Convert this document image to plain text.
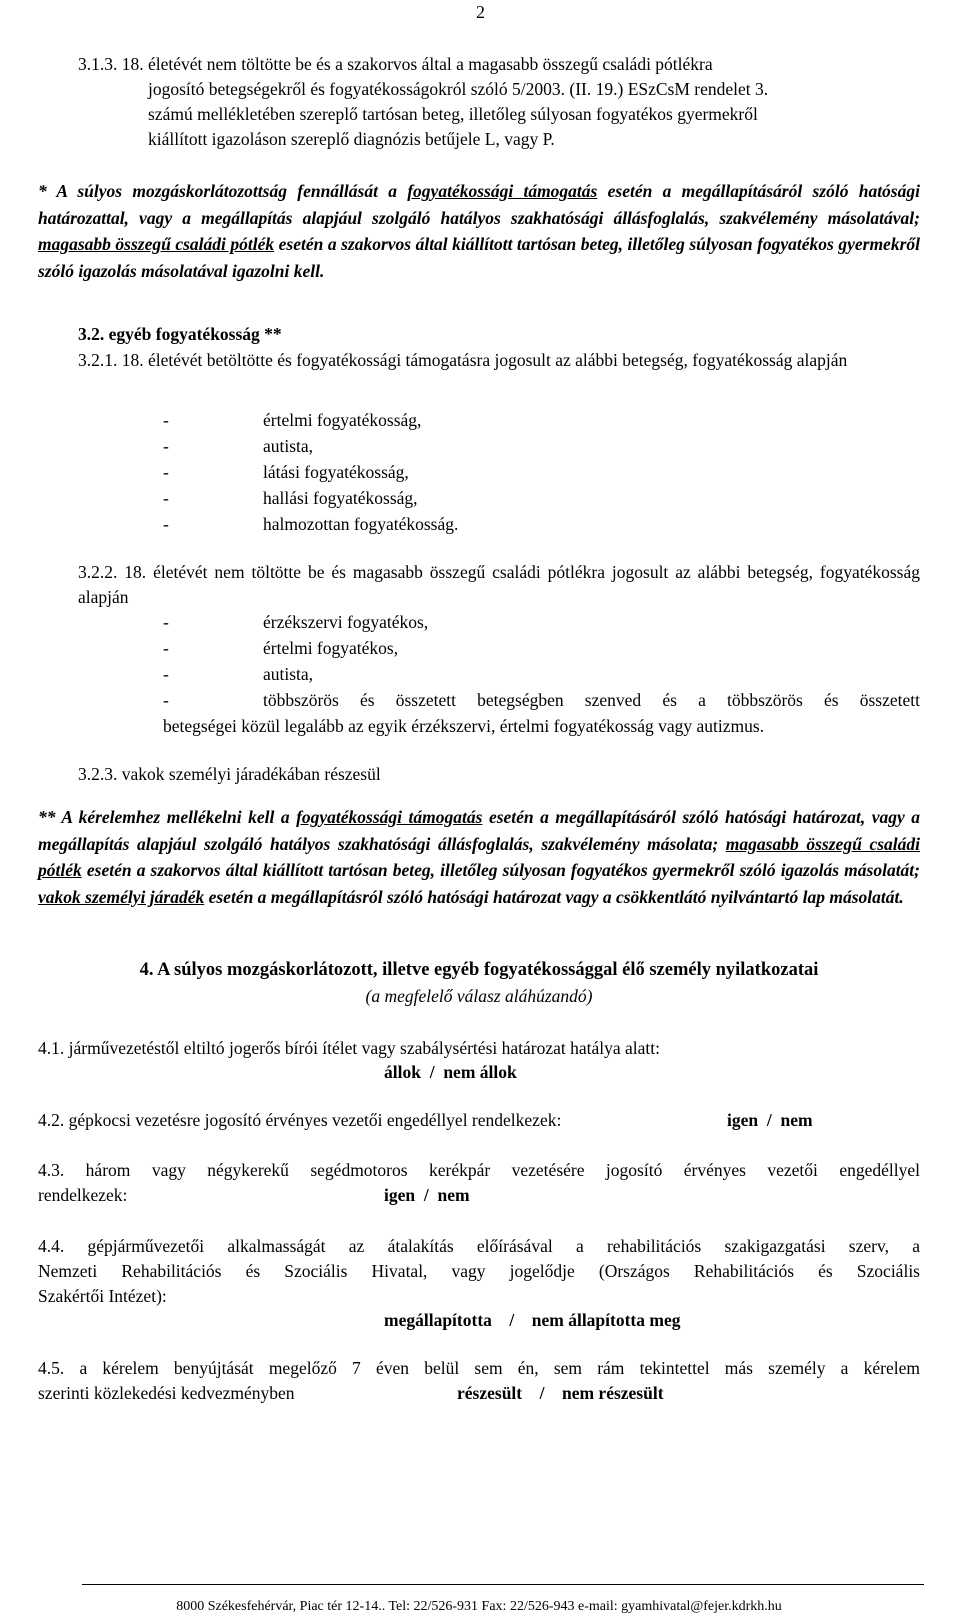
2
3.1.3. 18. életévét nem töltötte be és a szakorvos által a magasabb összegű családi pótlékra
jogosító betegségekről és fogyatékosságokról szóló 5/2003. (II. 19.) ESzCsM rendelet 3.
számú mellékletében szereplő tartósan beteg, illetőleg súlyosan fogyatékos gyermekről
kiállított igazoláson szereplő diagnózis betűjele L, vagy P.
* A súlyos mozgáskorlátozottság fennállását a fogyatékossági támogatás esetén a megállapításáról szóló hatósági határozattal, vagy a megállapítás alapjául szolgáló hatályos szakhatósági állásfoglalás, szakvélemény másolatával; magasabb összegű családi pótlék esetén a szakorvos által kiállított tartósan beteg, illetőleg súlyosan fogyatékos gyermekről szóló igazolás másolatával igazolni kell.
3.2. egyéb fogyatékosság **
3.2.1. 18. életévét betöltötte és fogyatékossági támogatásra jogosult az alábbi betegség, fogyatékosság alapján
-	értelmi fogyatékosság,
-	autista,
-	látási fogyatékosság,
-	hallási fogyatékosság,
-	halmozottan fogyatékosság.
3.2.2. 18. életévét nem töltötte be és magasabb összegű családi pótlékra jogosult az alábbi betegség, fogyatékosság alapján
-	érzékszervi fogyatékos,
-	értelmi fogyatékos,
-	autista,
-	többszörös és összetett betegségben szenved és a többszörös és összetett
betegségei közül legalább az egyik érzékszervi, értelmi fogyatékosság vagy autizmus.
3.2.3. vakok személyi járadékában részesül
** A kérelemhez mellékelni kell a fogyatékossági támogatás esetén a megállapításáról szóló hatósági határozat, vagy a megállapítás alapjául szolgáló hatályos szakhatósági állásfoglalás, szakvélemény másolata; magasabb összegű családi pótlék esetén a szakorvos által kiállított tartósan beteg, illetőleg súlyosan fogyatékos gyermekről szóló igazolás másolatát; vakok személyi járadék esetén a megállapításról szóló hatósági határozat vagy a csökkentlátó nyilvántartó lap másolatát.
4. A súlyos mozgáskorlátozott, illetve egyéb fogyatékossággal élő személy nyilatkozatai
(a megfelelő válasz aláhúzandó)
4.1. járművezetéstől eltiltó jogerős bírói ítélet vagy szabálysértési határozat hatálya alatt:
állok  /  nem állok
4.2. gépkocsi vezetésre jogosító érvényes vezetői engedéllyel rendelkezek:	igen  /  nem
4.3. három vagy négykerekű segédmotoros kerékpár vezetésére jogosító érvényes vezetői engedéllyel
rendelkezek:	igen  /  nem
4.4. gépjárművezetői alkalmasságát az átalakítás előírásával a rehabilitációs szakigazgatási szerv, a
Nemzeti Rehabilitációs és Szociális Hivatal, vagy jogelődje (Országos Rehabilitációs és Szociális
Szakértői Intézet):
megállapította    /    nem állapította meg
4.5. a kérelem benyújtását megelőző 7 éven belül sem én, sem rám tekintettel más személy a kérelem
szerinti közlekedési kedvezményben	részesült    /    nem részesült
8000 Székesfehérvár, Piac tér 12-14.. Tel: 22/526-931 Fax: 22/526-943 e-mail: gyamhivatal@fejer.kdrkh.hu
